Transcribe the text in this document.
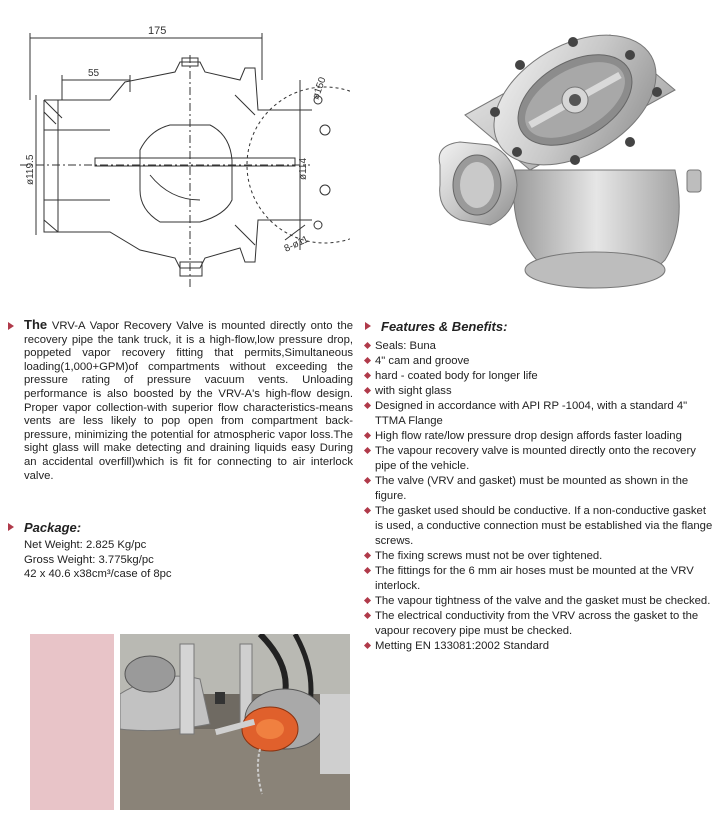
175
55
ø119.5
ø150
ø114
8-ø11

The VRV-A Vapor Recovery Valve is mounted directly onto the recovery pipe the tank truck, it is a high-flow,low pressure drop, poppeted vapor recovery fitting that permits,Simultaneous loading(1,000+GPM)of compartments without exceeding the pressure rating of pressure vacuum vents. Unloading performance is also boosted by the VRV-A's high-flow design. Proper vapor collection-with superior flow characteristics-means vents are less likely to pop open from compartment back-pressure, minimizing the potential for atmospheric vapor loss.The sight glass will make detecting and draining liquids easy During an accidental overfill)which is fit for connecting to air interlock valve.

Features & Benefits:
Seals: Buna
4" cam and groove
hard - coated body for longer life
with sight glass
Designed in accordance with API RP -1004, with a standard 4" TTMA Flange
High flow rate/low pressure drop design affords faster loading
The vapour recovery valve is mounted directly onto the recovery pipe of the vehicle.
The valve (VRV and gasket) must be mounted as shown in the figure.
The gasket used should be conductive. If a non-conductive gasket is used, a conductive connection must be established via the flange screws.
The fixing screws must not be over tightened.
The fittings for the 6 mm air hoses must be mounted at the VRV interlock.
The vapour tightness of the valve and the gasket must be checked.
The electrical conductivity from the VRV across the gasket to the vapour recovery pipe must be checked.
Metting EN 133081:2002 Standard
Package:
Net Weight: 2.825 Kg/pc
Gross Weight: 3.775kg/pc
42 x 40.6 x38cm³/case of 8pc
